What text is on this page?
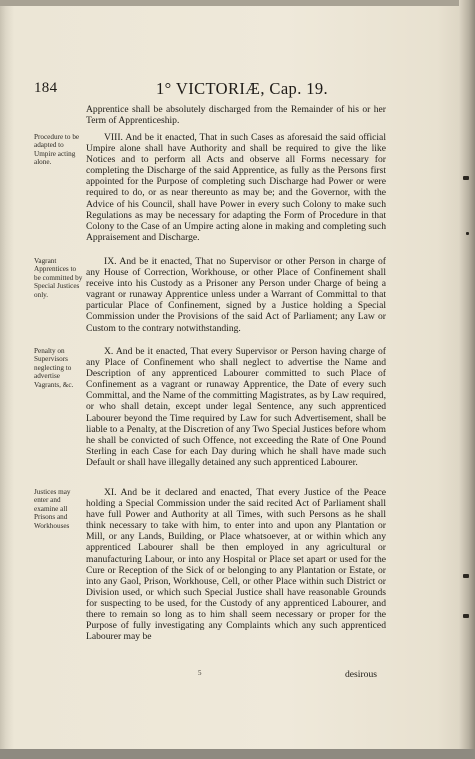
184	1° VICTORIÆ, Cap. 19.

Apprentice shall be absolutely discharged from the Remainder of his or her Term of Apprenticeship.

Procedure to be adapted to Umpire acting alone.

VIII. And be it enacted, That in such Cases as aforesaid the said official Umpire alone shall have Authority and shall be required to give the like Notices and to perform all Acts and observe all Forms necessary for completing the Discharge of the said Apprentice, as fully as the Persons first appointed for the Purpose of completing such Discharge had Power or were required to do, or as near thereunto as may be; and the Governor, with the Advice of his Council, shall have Power in every such Colony to make such Regulations as may be necessary for adapting the Form of Procedure in that Colony to the Case of an Umpire acting alone in making and completing such Appraisement and Discharge.

Vagrant Apprentices to be committed by Special Justices only.

IX. And be it enacted, That no Supervisor or other Person in charge of any House of Correction, Workhouse, or other Place of Confinement shall receive into his Custody as a Prisoner any Person under Charge of being a vagrant or runaway Apprentice unless under a Warrant of Committal to that particular Place of Confinement, signed by a Justice holding a Special Commission under the Provisions of the said Act of Parliament; any Law or Custom to the contrary notwithstanding.

Penalty on Supervisors neglecting to advertise Vagrants, &c.

X. And be it enacted, That every Supervisor or Person having charge of any Place of Confinement who shall neglect to advertise the Name and Description of any apprenticed Labourer committed to such Place of Confinement as a vagrant or runaway Apprentice, the Date of every such Committal, and the Name of the committing Magistrates, as by Law required, or who shall detain, except under legal Sentence, any such apprenticed Labourer beyond the Time required by Law for such Advertisement, shall be liable to a Penalty, at the Discretion of any Two Special Justices before whom he shall be convicted of such Offence, not exceeding the Rate of One Pound Sterling in each Case for each Day during which he shall have made such Default or shall have illegally detained any such apprenticed Labourer.

Justices may enter and examine all Prisons and Workhouses

XI. And be it declared and enacted, That every Justice of the Peace holding a Special Commission under the said recited Act of Parliament shall have full Power and Authority at all Times, with such Persons as he shall think necessary to take with him, to enter into and upon any Plantation or Mill, or any Lands, Building, or Place whatsoever, at or within which any apprenticed Labourer shall be then employed in any agricultural or manufacturing Labour, or into any Hospital or Place set apart or used for the Cure or Reception of the Sick of or belonging to any Plantation or Estate, or into any Gaol, Prison, Workhouse, Cell, or other Place within such District or Division used, or which such Special Justice shall have reasonable Grounds for suspecting to be used, for the Custody of any apprenticed Labourer, and there to remain so long as to him shall seem necessary or proper for the Purpose of fully investigating any Complaints which any such apprenticed Labourer may be

5	desirous
